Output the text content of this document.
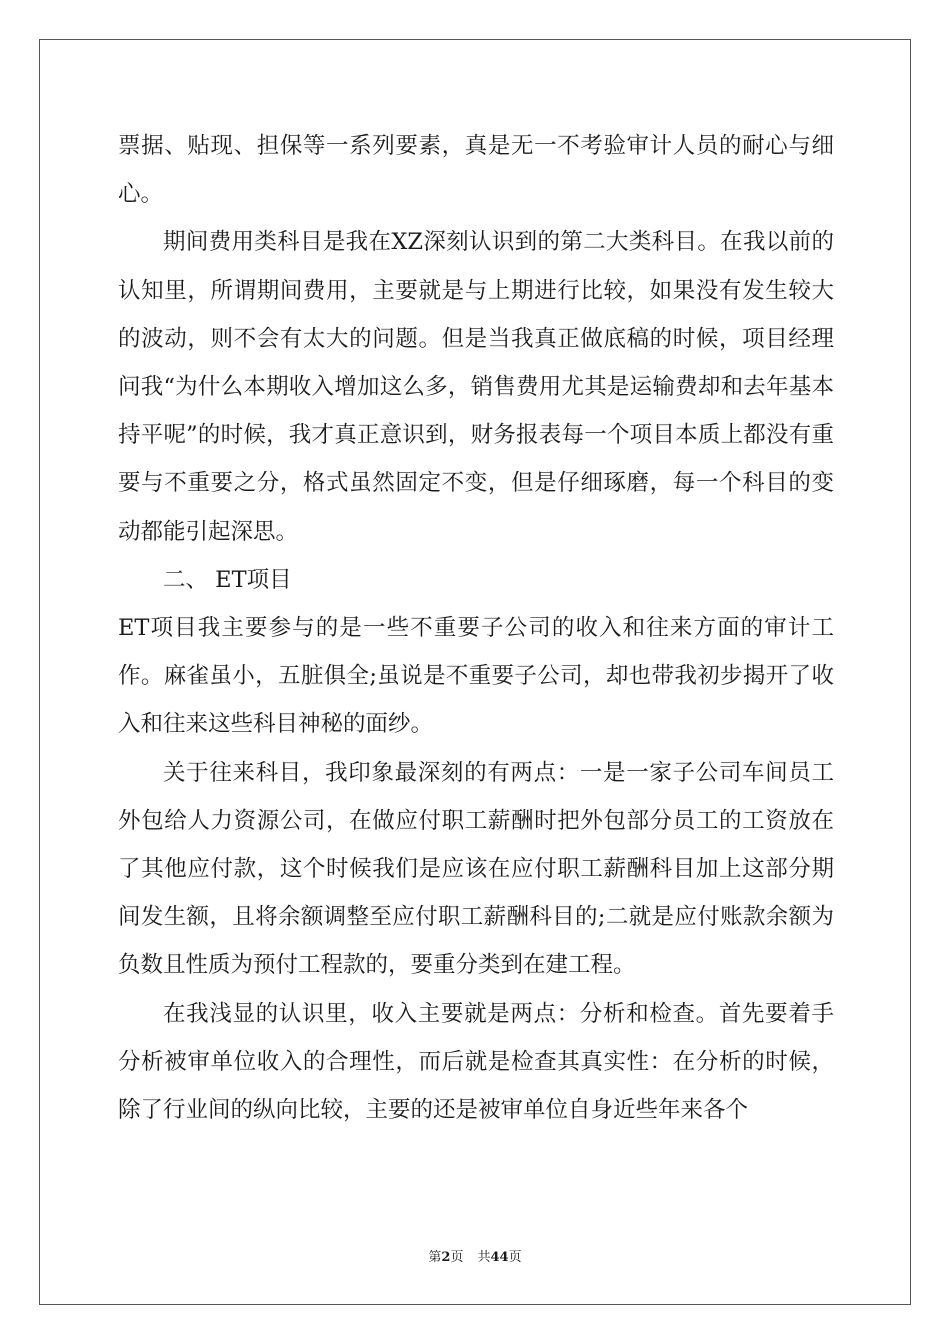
票据、贴现、担保等一系列要素，真是无一不考验审计人员的耐心与细心。

期间费用类科目是我在XZ深刻认识到的第二大类科目。在我以前的认知里，所谓期间费用，主要就是与上期进行比较，如果没有发生较大的波动，则不会有太大的问题。但是当我真正做底稿的时候，项目经理问我“为什么本期收入增加这么多，销售费用尤其是运输费却和去年基本持平呢”的时候，我才真正意识到，财务报表每一个项目本质上都没有重要与不重要之分，格式虽然固定不变，但是仔细琢磨，每一个科目的变动都能引起深思。

二、 ET项目

ET项目我主要参与的是一些不重要子公司的收入和往来方面的审计工作。麻雀虽小，五脏俱全;虽说是不重要子公司，却也带我初步揭开了收入和往来这些科目神秘的面纱。

关于往来科目，我印象最深刻的有两点：一是一家子公司车间员工外包给人力资源公司，在做应付职工薪酬时把外包部分员工的工资放在了其他应付款，这个时候我们是应该在应付职工薪酬科目加上这部分期间发生额，且将余额调整至应付职工薪酬科目的;二就是应付账款余额为负数且性质为预付工程款的，要重分类到在建工程。

在我浅显的认识里，收入主要就是两点：分析和检查。首先要着手分析被审单位收入的合理性，而后就是检查其真实性：在分析的时候，除了行业间的纵向比较，主要的还是被审单位自身近些年来各个

第2页 共44页
